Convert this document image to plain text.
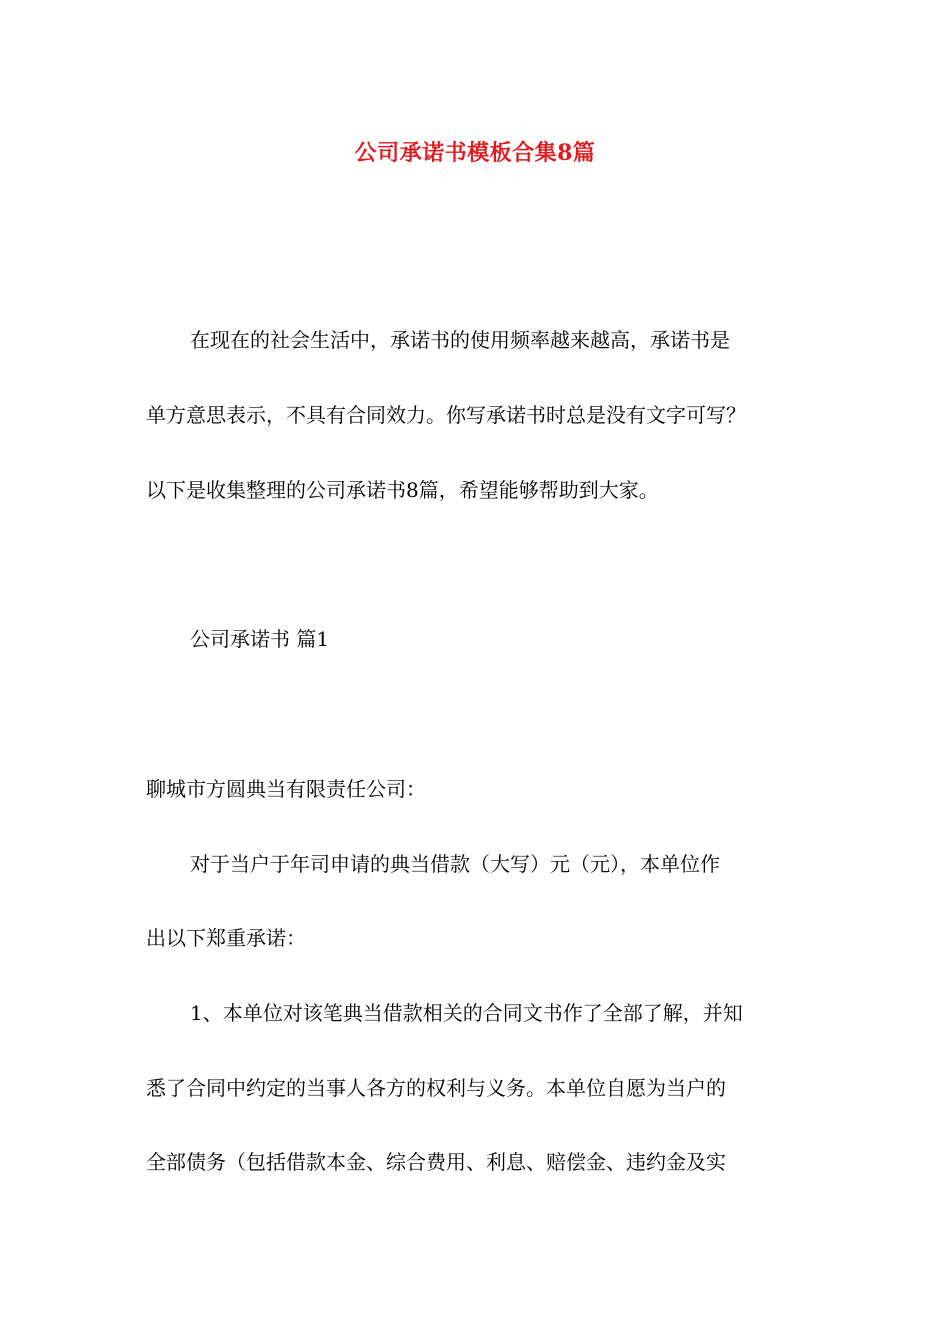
公司承诺书模板合集8篇
在现在的社会生活中，承诺书的使用频率越来越高，承诺书是
单方意思表示，不具有合同效力。你写承诺书时总是没有文字可写？
以下是收集整理的公司承诺书8篇，希望能够帮助到大家。
公司承诺书 篇1
聊城市方圆典当有限责任公司：
对于当户于年司申请的典当借款（大写）元（元），本单位作
出以下郑重承诺：
1、本单位对该笔典当借款相关的合同文书作了全部了解，并知
悉了合同中约定的当事人各方的权利与义务。本单位自愿为当户的
全部债务（包括借款本金、综合费用、利息、赔偿金、违约金及实
